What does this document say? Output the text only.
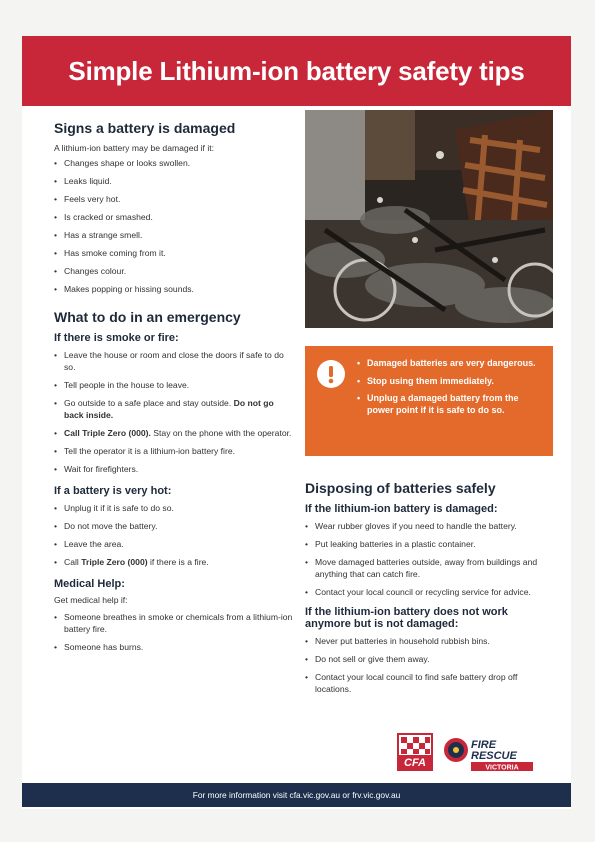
Simple Lithium-ion battery safety tips
Signs a battery is damaged

A lithium-ion battery may be damaged if it:

• Changes shape or looks swollen.
• Leaks liquid.
• Feels very hot.
• Is cracked or smashed.
• Has a strange smell.
• Has smoke coming from it.
• Changes colour.
• Makes popping or hissing sounds.
What to do in an emergency
If there is smoke or fire:
• Leave the house or room and close the doors if safe to do so.
• Tell people in the house to leave.
• Go outside to a safe place and stay outside. Do not go back inside.
• Call Triple Zero (000). Stay on the phone with the operator.
• Tell the operator it is a lithium-ion battery fire.
• Wait for firefighters.
If a battery is very hot:
• Unplug it if it is safe to do so.
• Do not move the battery.
• Leave the area.
• Call Triple Zero (000) if there is a fire.
Medical Help:

Get medical help if:

• Someone breathes in smoke or chemicals from a lithium-ion battery fire.
• Someone has burns.
• Damaged batteries are very dangerous.
• Stop using them immediately.
• Unplug a damaged battery from the power point if it is safe to do so.
Disposing of batteries safely
If the lithium-ion battery is damaged:
• Wear rubber gloves if you need to handle the battery.
• Put leaking batteries in a plastic container.
• Move damaged batteries outside, away from buildings and anything that can catch fire.
• Contact your local council or recycling service for advice.
If the lithium-ion battery does not work anymore but is not damaged:
• Never put batteries in household rubbish bins.
• Do not sell or give them away.
• Contact your local council to find safe battery drop off locations.
CFA
FIRE
RESCUE
VICTORIA
For more information visit cfa.vic.gov.au or frv.vic.gov.au
